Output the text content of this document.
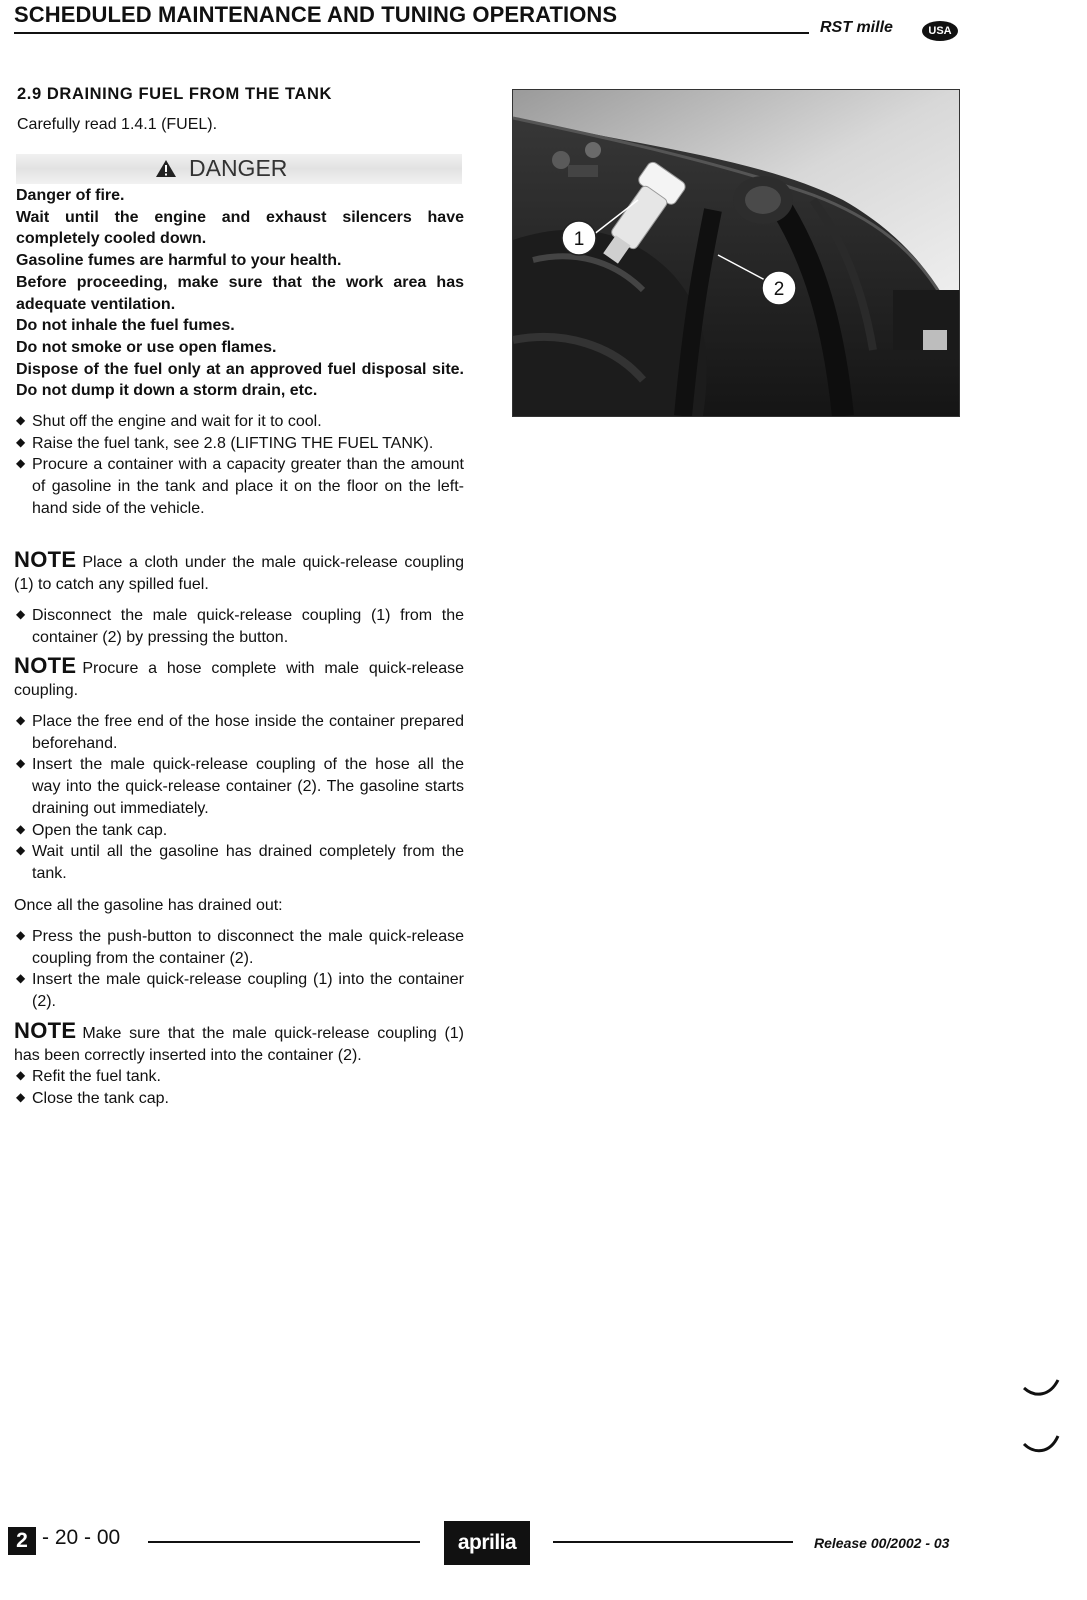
SCHEDULED MAINTENANCE AND TUNING OPERATIONS
RST mille	USA
2.9 DRAINING FUEL FROM THE TANK
Carefully read 1.4.1 (FUEL).
DANGER
Danger of fire.
Wait until the engine and exhaust silencers have completely cooled down.
Gasoline fumes are harmful to your health.
Before proceeding, make sure that the work area has adequate ventilation.
Do not inhale the fuel fumes.
Do not smoke or use open flames.
Dispose of the fuel only at an approved fuel disposal site. Do not dump it down a storm drain, etc.
◆ Shut off the engine and wait for it to cool.
◆ Raise the fuel tank, see 2.8 (LIFTING THE FUEL TANK).
◆ Procure a container with a capacity greater than the amount of gasoline in the tank and place it on the floor on the left-hand side of the vehicle.
NOTE Place a cloth under the male quick-release coupling (1) to catch any spilled fuel.
◆ Disconnect the male quick-release coupling (1) from the container (2) by pressing the button.
NOTE Procure a hose complete with male quick-release coupling.
◆ Place the free end of the hose inside the container prepared beforehand.
◆ Insert the male quick-release coupling of the hose all the way into the quick-release container (2). The gasoline starts draining out immediately.
◆ Open the tank cap.
◆ Wait until all the gasoline has drained completely from the tank.
Once all the gasoline has drained out:
◆ Press the push-button to disconnect the male quick-release coupling from the container (2).
◆ Insert the male quick-release coupling (1) into the container (2).
NOTE Make sure that the male quick-release coupling (1) has been correctly inserted into the container (2).
◆ Refit the fuel tank.
◆ Close the tank cap.
1
2
2 - 20 - 00	aprilia	Release 00/2002 - 03
